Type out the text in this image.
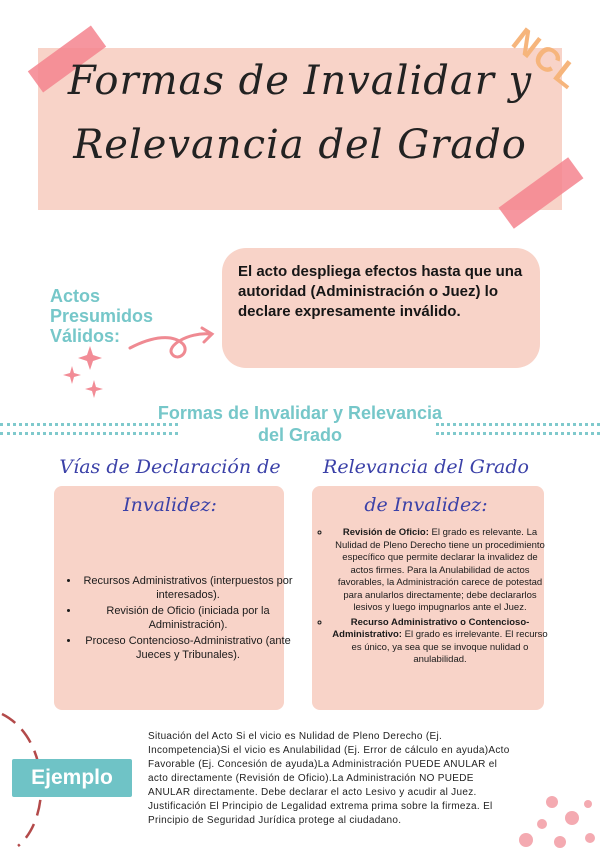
Formas de Invalidar y
Relevancia del Grado
NCL
El acto despliega efectos hasta que una autoridad (Administración o Juez) lo declare expresamente inválido.
Actos Presumidos Válidos:
Formas de Invalidar y Relevancia del Grado
Vías de Declaración de
Invalidez:
• Recursos Administrativos (interpuestos por interesados).
• Revisión de Oficio (iniciada por la Administración).
• Proceso Contencioso-Administrativo (ante Jueces y Tribunales).
Relevancia del Grado
de Invalidez:
◦ Revisión de Oficio: El grado es relevante. La Nulidad de Pleno Derecho tiene un procedimiento específico que permite declarar la invalidez de actos firmes. Para la Anulabilidad de actos favorables, la Administración carece de potestad para anularlos directamente; debe declararlos lesivos y luego impugnarlos ante el Juez.
◦ Recurso Administrativo o Contencioso-Administrativo: El grado es irrelevante. El recurso es único, ya sea que se invoque nulidad o anulabilidad.
Ejemplo
Situación del Acto Si el vicio es Nulidad de Pleno Derecho (Ej. Incompetencia)Si el vicio es Anulabilidad (Ej. Error de cálculo en ayuda)Acto Favorable (Ej. Concesión de ayuda)La Administración PUEDE ANULAR el acto directamente (Revisión de Oficio).La Administración NO PUEDE ANULAR directamente. Debe declarar el acto Lesivo y acudir al Juez. Justificación El Principio de Legalidad extrema prima sobre la firmeza. El Principio de Seguridad Jurídica protege al ciudadano.
